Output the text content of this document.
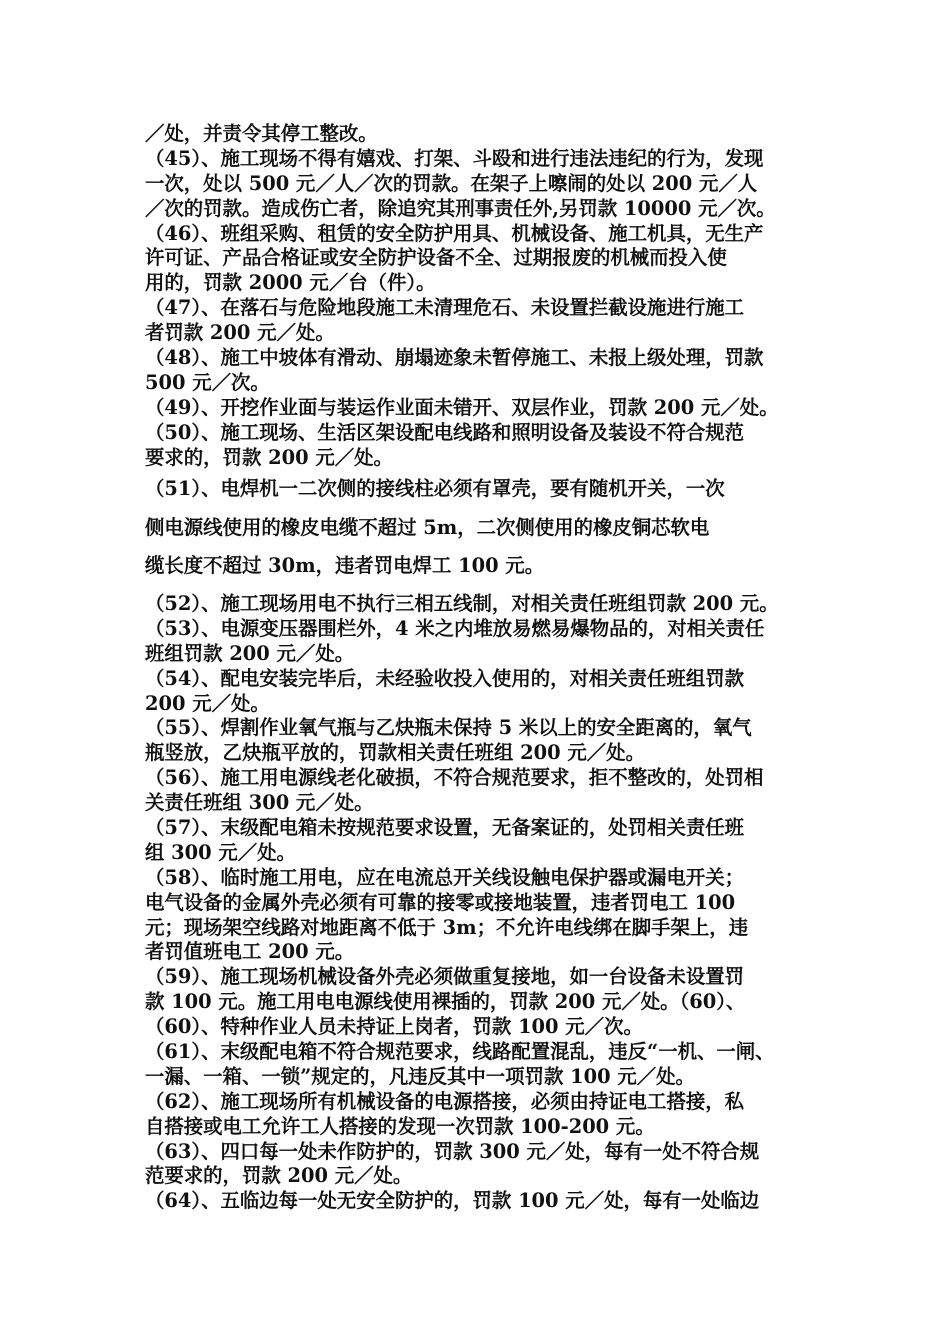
／处，并责令其停工整改。
（45）、施工现场不得有嬉戏、打架、斗殴和进行违法违纪的行为，发现
一次，处以 500 元／人／次的罚款。在架子上嚓闹的处以 200 元／人
／次的罚款。造成伤亡者，除追究其刑事责任外,另罚款 10000 元／次。
（46）、班组采购、租赁的安全防护用具、机械设备、施工机具，无生产
许可证、产品合格证或安全防护设备不全、过期报废的机械而投入使
用的，罚款 2000 元／台（件）。
（47）、在落石与危险地段施工未清理危石、未设置拦截设施进行施工
者罚款 200 元／处。
（48）、施工中坡体有滑动、崩塌迹象未暂停施工、未报上级处理，罚款
500 元／次。
（49）、开挖作业面与装运作业面未错开、双层作业，罚款 200 元／处。
（50）、施工现场、生活区架设配电线路和照明设备及装设不符合规范
要求的，罚款 200 元／处。
（51）、电焊机一二次侧的接线柱必须有罩壳，要有随机开关，一次
侧电源线使用的橡皮电缆不超过 5m，二次侧使用的橡皮铜芯软电
缆长度不超过 30m，违者罚电焊工 100 元。
（52）、施工现场用电不执行三相五线制，对相关责任班组罚款 200 元。
（53）、电源变压器围栏外，4 米之内堆放易燃易爆物品的，对相关责任
班组罚款 200 元／处。
（54）、配电安装完毕后，未经验收投入使用的，对相关责任班组罚款
200 元／处。
（55）、焊割作业氧气瓶与乙炔瓶未保持 5 米以上的安全距离的，氧气
瓶竖放，乙炔瓶平放的，罚款相关责任班组 200 元／处。
（56）、施工用电源线老化破损，不符合规范要求，拒不整改的，处罚相
关责任班组 300 元／处。
（57）、末级配电箱未按规范要求设置，无备案证的，处罚相关责任班
组 300 元／处。
（58）、临时施工用电，应在电流总开关线设触电保护器或漏电开关；
电气设备的金属外壳必须有可靠的接零或接地装置，违者罚电工 100
元；现场架空线路对地距离不低于 3m；不允许电线绑在脚手架上，违
者罚值班电工 200 元。
（59）、施工现场机械设备外壳必须做重复接地，如一台设备未设置罚
款 100 元。施工用电电源线使用裸插的，罚款 200 元／处。（60）、
（60）、特种作业人员未持证上岗者，罚款 100 元／次。
（61）、末级配电箱不符合规范要求，线路配置混乱，违反“一机、一闸、
一漏、一箱、一锁”规定的，凡违反其中一项罚款 100 元／处。
（62）、施工现场所有机械设备的电源搭接，必须由持证电工搭接，私
自搭接或电工允许工人搭接的发现一次罚款 100-200 元。
（63）、四口每一处未作防护的，罚款 300 元／处，每有一处不符合规
范要求的，罚款 200 元／处。
（64）、五临边每一处无安全防护的，罚款 100 元／处，每有一处临边
